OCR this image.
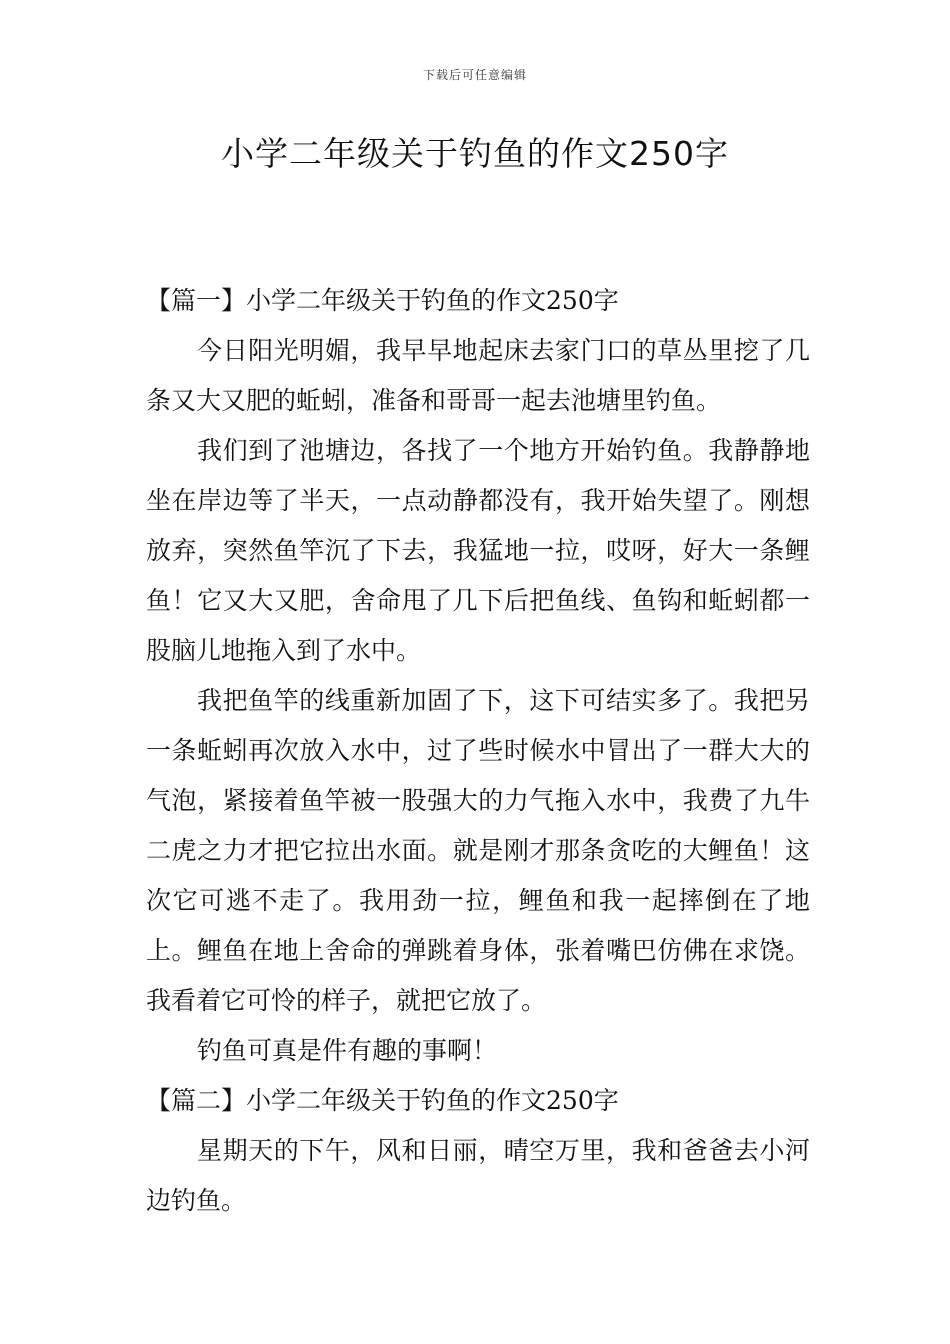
下载后可任意编辑
小学二年级关于钓鱼的作文250字

【篇一】小学二年级关于钓鱼的作文250字

今日阳光明媚，我早早地起床去家门口的草丛里挖了几条又大又肥的蚯蚓，准备和哥哥一起去池塘里钓鱼。

我们到了池塘边，各找了一个地方开始钓鱼。我静静地坐在岸边等了半天，一点动静都没有，我开始失望了。刚想放弃，突然鱼竿沉了下去，我猛地一拉，哎呀，好大一条鲤鱼！它又大又肥，舍命甩了几下后把鱼线、鱼钩和蚯蚓都一股脑儿地拖入到了水中。

我把鱼竿的线重新加固了下，这下可结实多了。我把另一条蚯蚓再次放入水中，过了些时候水中冒出了一群大大的气泡，紧接着鱼竿被一股强大的力气拖入水中，我费了九牛二虎之力才把它拉出水面。就是刚才那条贪吃的大鲤鱼！这次它可逃不走了。我用劲一拉，鲤鱼和我一起摔倒在了地上。鲤鱼在地上舍命的弹跳着身体，张着嘴巴仿佛在求饶。我看着它可怜的样子，就把它放了。

钓鱼可真是件有趣的事啊！

【篇二】小学二年级关于钓鱼的作文250字

星期天的下午，风和日丽，晴空万里，我和爸爸去小河边钓鱼。
